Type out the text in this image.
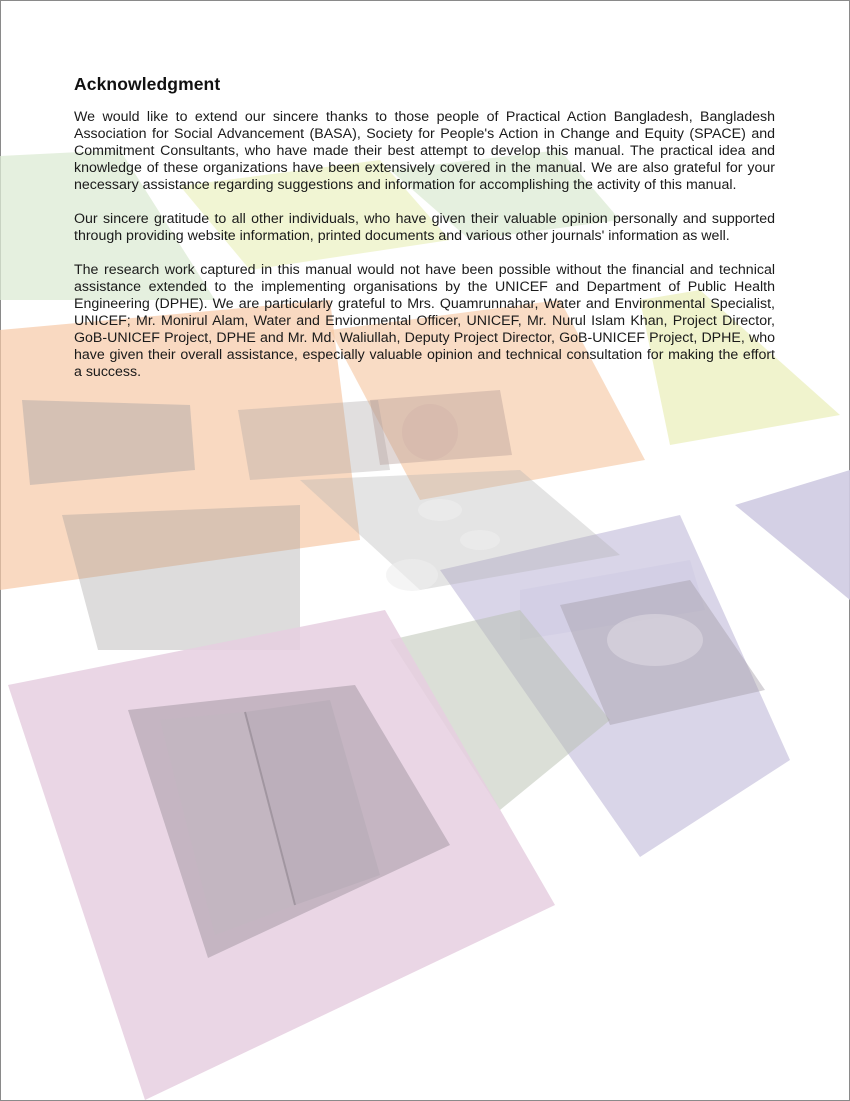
Acknowledgment

We would like to extend our sincere thanks to those people of Practical Action Bangladesh, Bangladesh Association for Social Advancement (BASA), Society for People's Action in Change and Equity (SPACE) and Commitment Consultants, who have made their best attempt to develop this manual. The practical idea and knowledge of these organizations have been extensively covered in the manual. We are also grateful for your necessary assistance regarding suggestions and information for accomplishing the activity of this manual.

Our sincere gratitude to all other individuals, who have given their valuable opinion personally and supported through providing website information, printed documents and various other journals' information as well.

The research work captured in this manual would not have been possible without the financial and technical assistance extended to the implementing organisations by the UNICEF and Department of Public Health Engineering (DPHE). We are particularly grateful to Mrs. Quamrunnahar, Water and Environmental Specialist, UNICEF; Mr. Monirul Alam, Water and Envionmental Officer, UNICEF, Mr. Nurul Islam Khan, Project Director, GoB-UNICEF Project, DPHE and Mr. Md. Waliullah, Deputy Project Director, GoB-UNICEF Project, DPHE, who have given their overall assistance, especially valuable opinion and technical consultation for making the effort a success.
